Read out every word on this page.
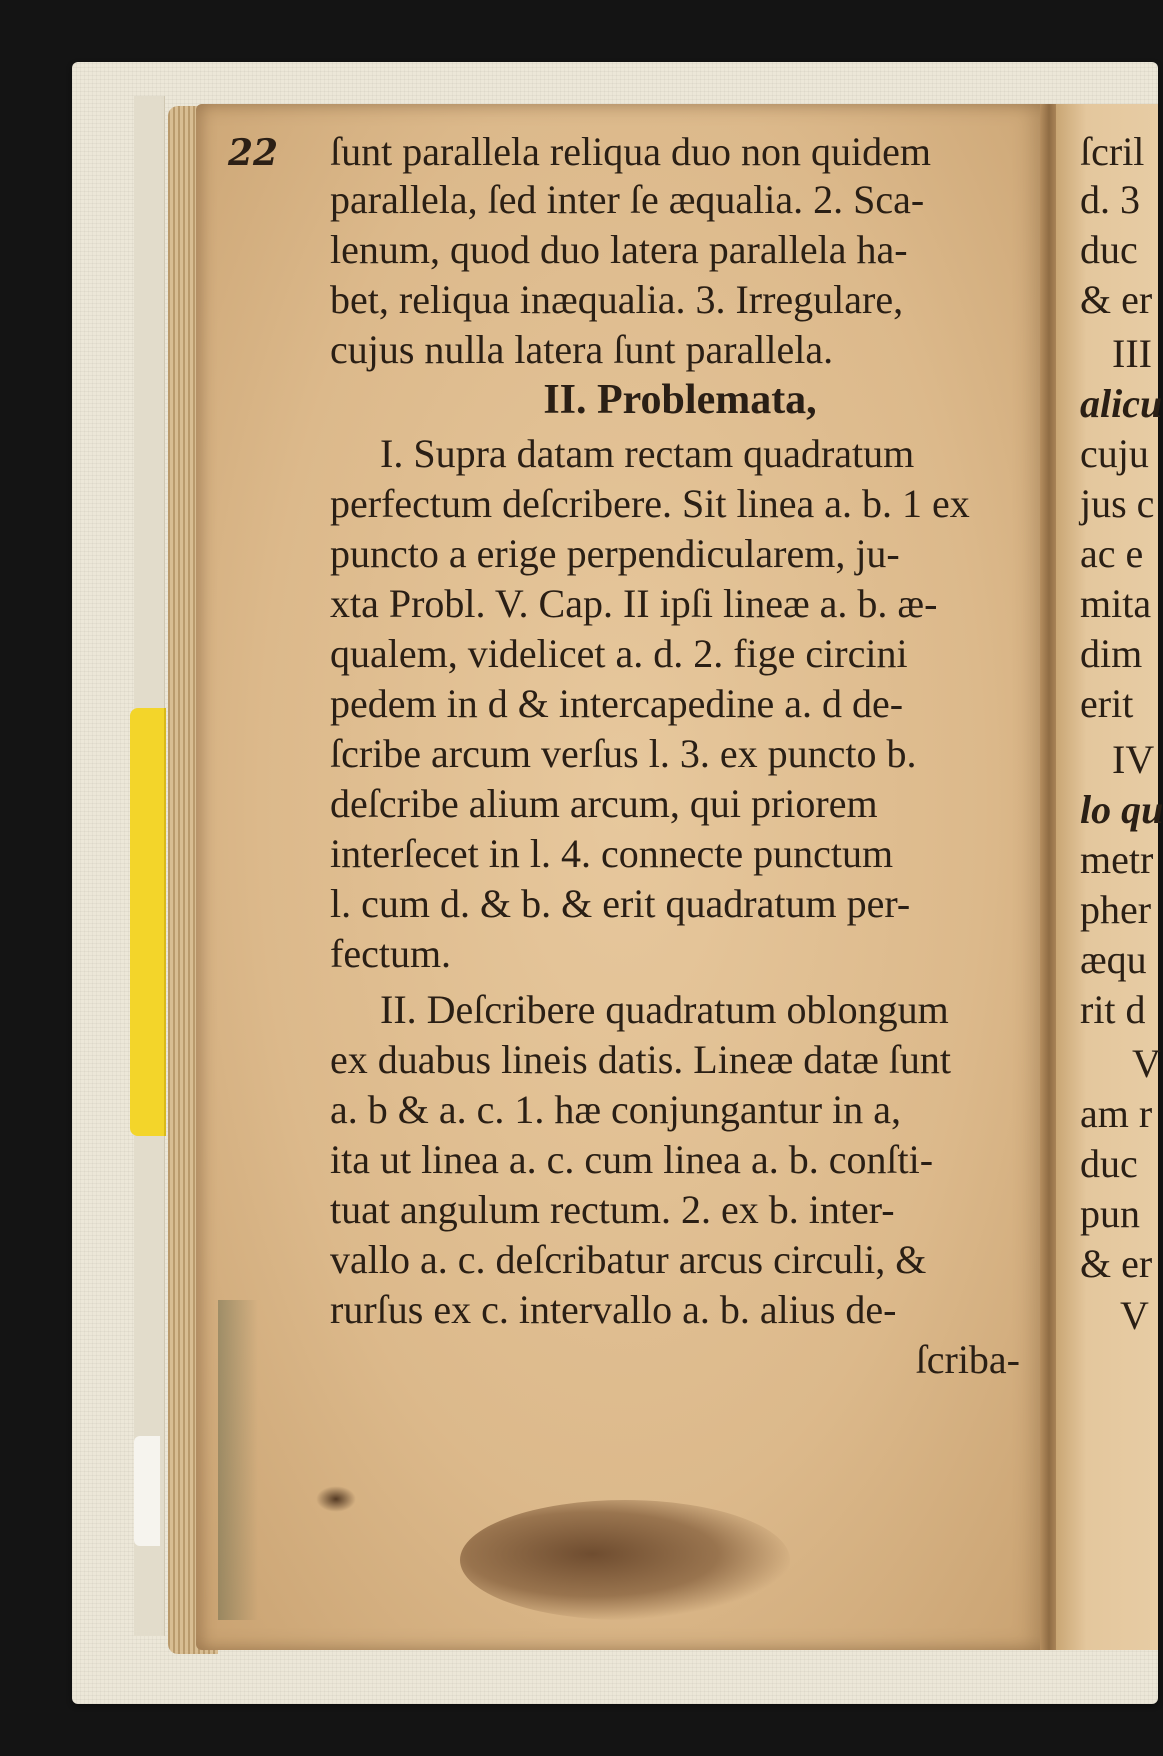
22 ſunt parallela reliqua duo non quidem
parallela, ſed inter ſe æqualia. 2. Sca-
lenum, quod duo latera parallela ha-
bet, reliqua inæqualia. 3. Irregulare,
cujus nulla latera ſunt parallela.
II. Problemata,
I. Supra datam rectam quadratum
perfectum deſcribere. Sit linea a. b. 1 ex
puncto a erige perpendicularem, ju-
xta Probl. V. Cap. II ipſi lineæ a. b. æ-
qualem, videlicet a. d. 2. fige circini
pedem in d & intercapedine a. d de-
ſcribe arcum verſus l. 3. ex puncto b.
deſcribe alium arcum, qui priorem
interſecet in l. 4. connecte punctum
l. cum d. & b. & erit quadratum per-
fectum.
II. Deſcribere quadratum oblongum
ex duabus lineis datis. Lineæ datæ ſunt
a. b & a. c. 1. hæ conjungantur in a,
ita ut linea a. c. cum linea a. b. conſti-
tuat angulum rectum. 2. ex b. inter-
vallo a. c. deſcribatur arcus circuli, &
rurſus ex c. intervallo a. b. alius de-
ſcriba-
ſcril
d. 3
duc
& er
III
alicu
cuju
jus c
ac e
mita
dim
erit
IV
lo qu
metr
pher
æqu
rit d
V
am r
duc
pun
& er
V
